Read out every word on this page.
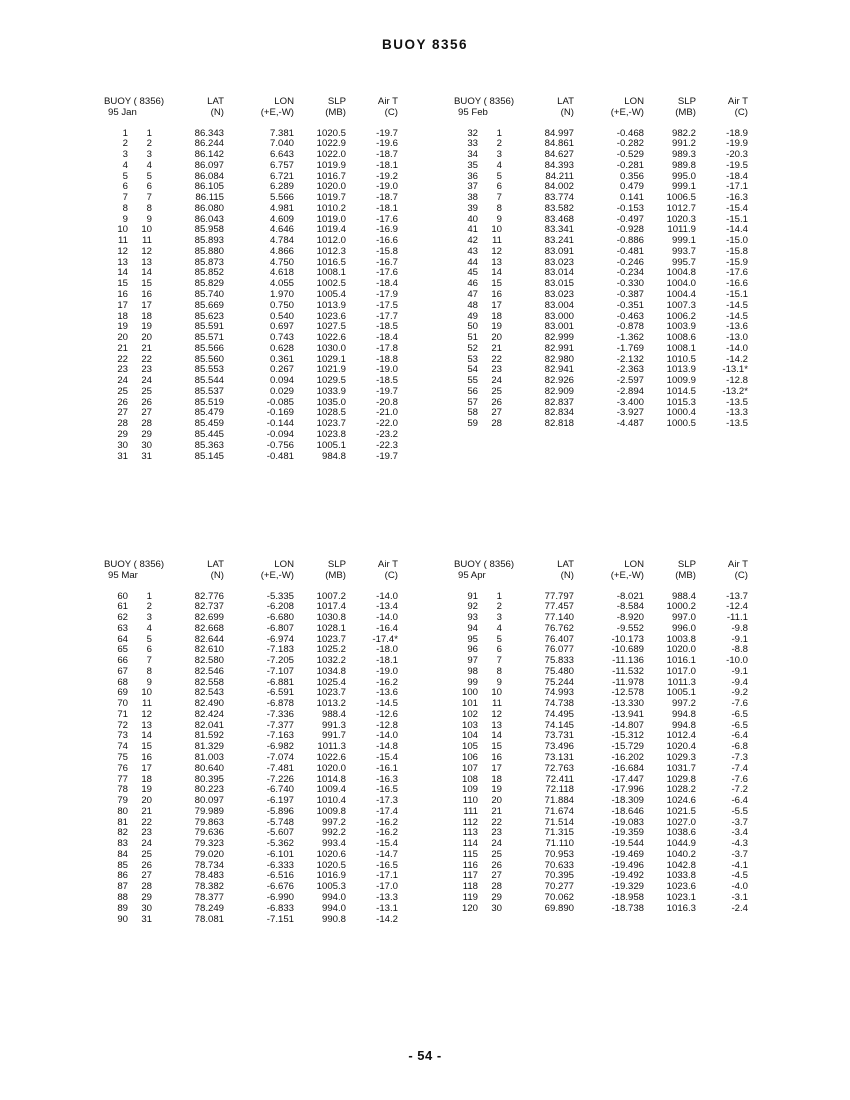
BUOY 8356
BUOY ( 8356)	LAT	LON	SLP	Air T
95 Jan	(N)	(+E,-W)	(MB)	(C)
1	1	86.343	7.381	1020.5	-19.7
2	2	86.244	7.040	1022.9	-19.6
3	3	86.142	6.643	1022.0	-18.7
4	4	86.097	6.757	1019.9	-18.1
5	5	86.084	6.721	1016.7	-19.2
6	6	86.105	6.289	1020.0	-19.0
7	7	86.115	5.566	1019.7	-18.7
8	8	86.080	4.981	1010.2	-18.1
9	9	86.043	4.609	1019.0	-17.6
10	10	85.958	4.646	1019.4	-16.9
11	11	85.893	4.784	1012.0	-16.6
12	12	85.880	4.866	1012.3	-15.8
13	13	85.873	4.750	1016.5	-16.7
14	14	85.852	4.618	1008.1	-17.6
15	15	85.829	4.055	1002.5	-18.4
16	16	85.740	1.970	1005.4	-17.9
17	17	85.669	0.750	1013.9	-17.5
18	18	85.623	0.540	1023.6	-17.7
19	19	85.591	0.697	1027.5	-18.5
20	20	85.571	0.743	1022.6	-18.4
21	21	85.566	0.628	1030.0	-17.8
22	22	85.560	0.361	1029.1	-18.8
23	23	85.553	0.267	1021.9	-19.0
24	24	85.544	0.094	1029.5	-18.5
25	25	85.537	0.029	1033.9	-19.7
26	26	85.519	-0.085	1035.0	-20.8
27	27	85.479	-0.169	1028.5	-21.0
28	28	85.459	-0.144	1023.7	-22.0
29	29	85.445	-0.094	1023.8	-23.2
30	30	85.363	-0.756	1005.1	-22.3
31	31	85.145	-0.481	984.8	-19.7
BUOY ( 8356)	LAT	LON	SLP	Air T
95 Feb	(N)	(+E,-W)	(MB)	(C)
32	1	84.997	-0.468	982.2	-18.9
33	2	84.861	-0.282	991.2	-19.9
34	3	84.627	-0.529	989.3	-20.3
35	4	84.393	-0.281	989.8	-19.5
36	5	84.211	0.356	995.0	-18.4
37	6	84.002	0.479	999.1	-17.1
38	7	83.774	0.141	1006.5	-16.3
39	8	83.582	-0.153	1012.7	-15.4
40	9	83.468	-0.497	1020.3	-15.1
41	10	83.341	-0.928	1011.9	-14.4
42	11	83.241	-0.886	999.1	-15.0
43	12	83.091	-0.481	993.7	-15.8
44	13	83.023	-0.246	995.7	-15.9
45	14	83.014	-0.234	1004.8	-17.6
46	15	83.015	-0.330	1004.0	-16.6
47	16	83.023	-0.387	1004.4	-15.1
48	17	83.004	-0.351	1007.3	-14.5
49	18	83.000	-0.463	1006.2	-14.5
50	19	83.001	-0.878	1003.9	-13.6
51	20	82.999	-1.362	1008.6	-13.0
52	21	82.991	-1.769	1008.1	-14.0
53	22	82.980	-2.132	1010.5	-14.2
54	23	82.941	-2.363	1013.9	-13.1*
55	24	82.926	-2.597	1009.9	-12.8
56	25	82.909	-2.894	1014.5	-13.2*
57	26	82.837	-3.400	1015.3	-13.5
58	27	82.834	-3.927	1000.4	-13.3
59	28	82.818	-4.487	1000.5	-13.5
BUOY ( 8356)	LAT	LON	SLP	Air T
95 Mar	(N)	(+E,-W)	(MB)	(C)
60	1	82.776	-5.335	1007.2	-14.0
61	2	82.737	-6.208	1017.4	-13.4
62	3	82.699	-6.680	1030.8	-14.0
63	4	82.668	-6.807	1028.1	-16.4
64	5	82.644	-6.974	1023.7	-17.4*
65	6	82.610	-7.183	1025.2	-18.0
66	7	82.580	-7.205	1032.2	-18.1
67	8	82.546	-7.107	1034.8	-19.0
68	9	82.558	-6.881	1025.4	-16.2
69	10	82.543	-6.591	1023.7	-13.6
70	11	82.490	-6.878	1013.2	-14.5
71	12	82.424	-7.336	988.4	-12.6
72	13	82.041	-7.377	991.3	-12.8
73	14	81.592	-7.163	991.7	-14.0
74	15	81.329	-6.982	1011.3	-14.8
75	16	81.003	-7.074	1022.6	-15.4
76	17	80.640	-7.481	1020.0	-16.1
77	18	80.395	-7.226	1014.8	-16.3
78	19	80.223	-6.740	1009.4	-16.5
79	20	80.097	-6.197	1010.4	-17.3
80	21	79.989	-5.896	1009.8	-17.4
81	22	79.863	-5.748	997.2	-16.2
82	23	79.636	-5.607	992.2	-16.2
83	24	79.323	-5.362	993.4	-15.4
84	25	79.020	-6.101	1020.6	-14.7
85	26	78.734	-6.333	1020.5	-16.5
86	27	78.483	-6.516	1016.9	-17.1
87	28	78.382	-6.676	1005.3	-17.0
88	29	78.377	-6.990	994.0	-13.3
89	30	78.249	-6.833	994.0	-13.1
90	31	78.081	-7.151	990.8	-14.2
BUOY ( 8356)	LAT	LON	SLP	Air T
95 Apr	(N)	(+E,-W)	(MB)	(C)
91	1	77.797	-8.021	988.4	-13.7
92	2	77.457	-8.584	1000.2	-12.4
93	3	77.140	-8.920	997.0	-11.1
94	4	76.762	-9.552	996.0	-9.8
95	5	76.407	-10.173	1003.8	-9.1
96	6	76.077	-10.689	1020.0	-8.8
97	7	75.833	-11.136	1016.1	-10.0
98	8	75.480	-11.532	1017.0	-9.1
99	9	75.244	-11.978	1011.3	-9.4
100	10	74.993	-12.578	1005.1	-9.2
101	11	74.738	-13.330	997.2	-7.6
102	12	74.495	-13.941	994.8	-6.5
103	13	74.145	-14.807	994.8	-6.5
104	14	73.731	-15.312	1012.4	-6.4
105	15	73.496	-15.729	1020.4	-6.8
106	16	73.131	-16.202	1029.3	-7.3
107	17	72.763	-16.684	1031.7	-7.4
108	18	72.411	-17.447	1029.8	-7.6
109	19	72.118	-17.996	1028.2	-7.2
110	20	71.884	-18.309	1024.6	-6.4
111	21	71.674	-18.646	1021.5	-5.5
112	22	71.514	-19.083	1027.0	-3.7
113	23	71.315	-19.359	1038.6	-3.4
114	24	71.110	-19.544	1044.9	-4.3
115	25	70.953	-19.469	1040.2	-3.7
116	26	70.633	-19.496	1042.8	-4.1
117	27	70.395	-19.492	1033.8	-4.5
118	28	70.277	-19.329	1023.6	-4.0
119	29	70.062	-18.958	1023.1	-3.1
120	30	69.890	-18.738	1016.3	-2.4
- 54 -
